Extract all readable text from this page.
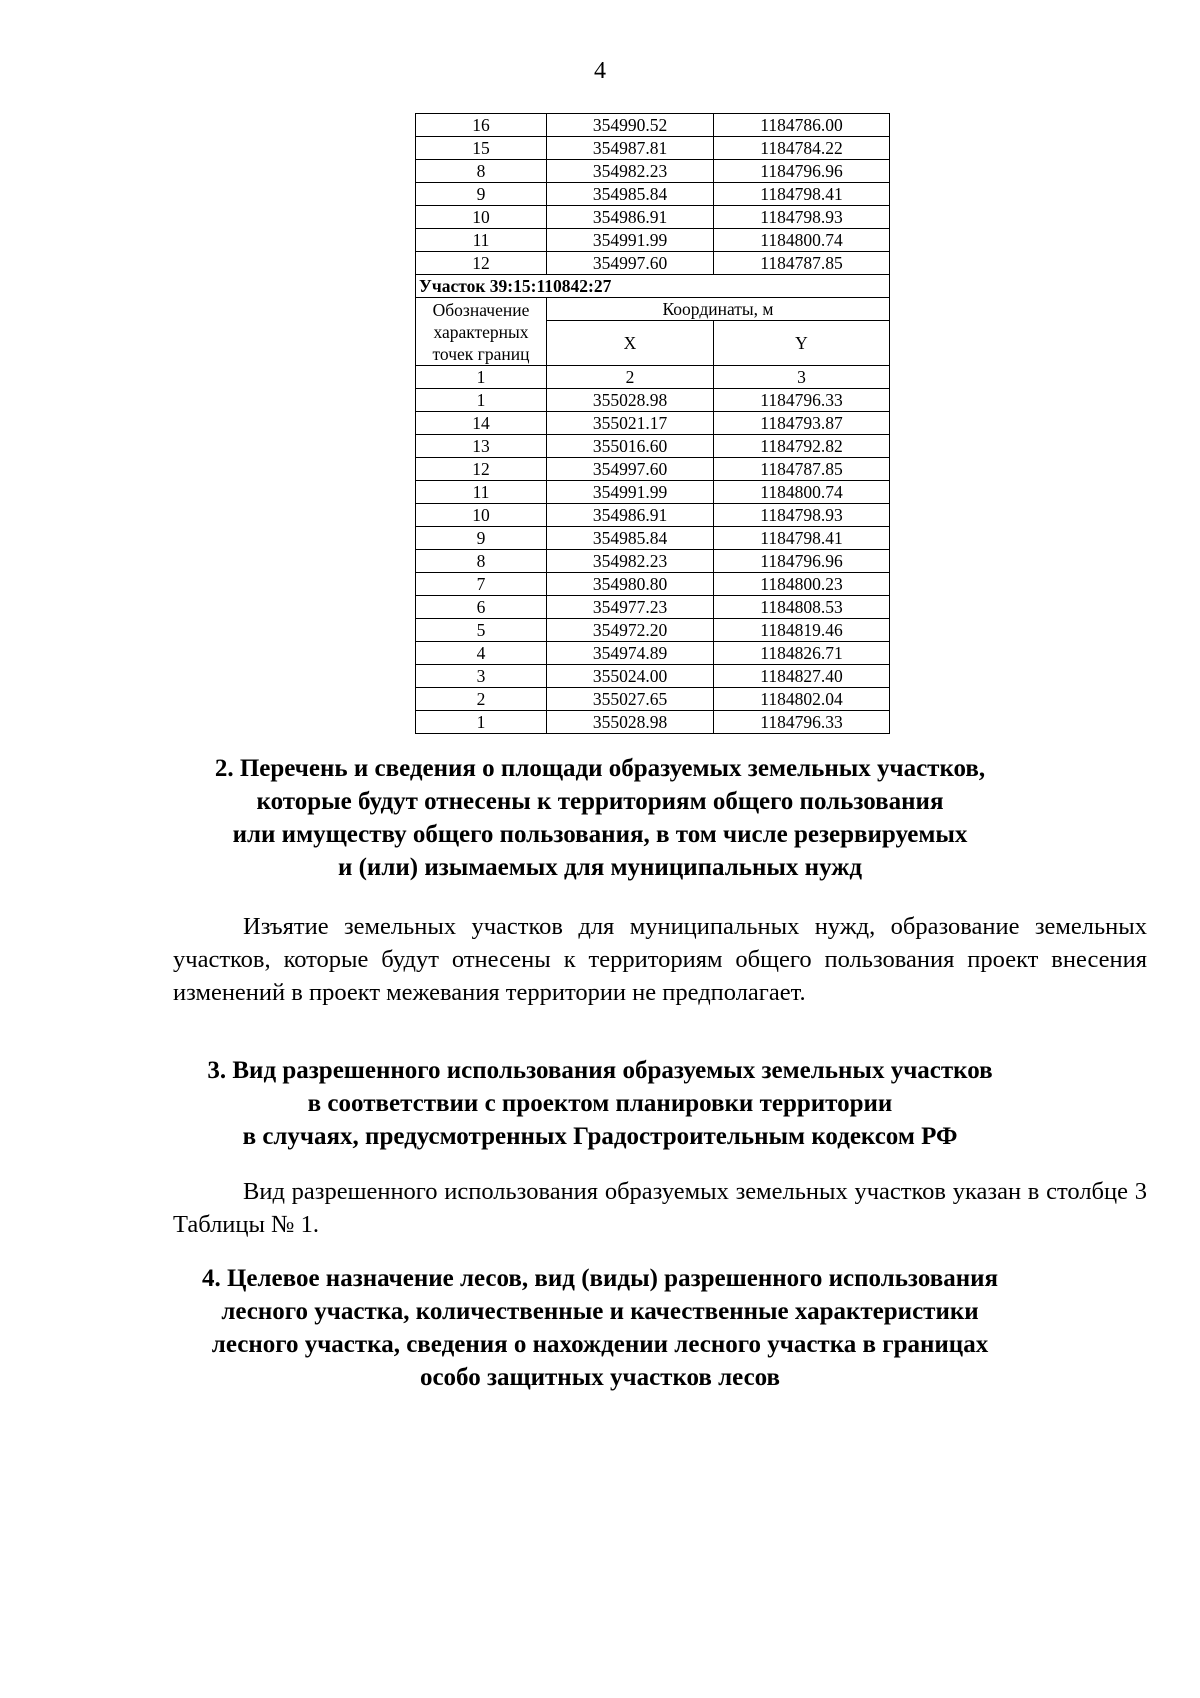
4
16	354990.52	1184786.00
15	354987.81	1184784.22
8	354982.23	1184796.96
9	354985.84	1184798.41
10	354986.91	1184798.93
11	354991.99	1184800.74
12	354997.60	1184787.85
Участок 39:15:110842:27		
Обозначение характерных точек границ	Координаты, м	
	X	Y
1	2	3
1	355028.98	1184796.33
14	355021.17	1184793.87
13	355016.60	1184792.82
12	354997.60	1184787.85
11	354991.99	1184800.74
10	354986.91	1184798.93
9	354985.84	1184798.41
8	354982.23	1184796.96
7	354980.80	1184800.23
6	354977.23	1184808.53
5	354972.20	1184819.46
4	354974.89	1184826.71
3	355024.00	1184827.40
2	355027.65	1184802.04
1	355028.98	1184796.33
2. Перечень и сведения о площади образуемых земельных участков,
которые будут отнесены к территориям общего пользования
или имуществу общего пользования, в том числе резервируемых
и (или) изымаемых для муниципальных нужд

Изъятие земельных участков для муниципальных нужд, образование земельных участков, которые будут отнесены к территориям общего пользования проект внесения изменений в проект межевания территории не предполагает.

3. Вид разрешенного использования образуемых земельных участков
в соответствии с проектом планировки территории
в случаях, предусмотренных Градостроительным кодексом РФ

Вид разрешенного использования образуемых земельных участков указан в столбце 3 Таблицы № 1.

4. Целевое назначение лесов, вид (виды) разрешенного использования
лесного участка, количественные и качественные характеристики
лесного участка, сведения о нахождении лесного участка в границах
особо защитных участков лесов
